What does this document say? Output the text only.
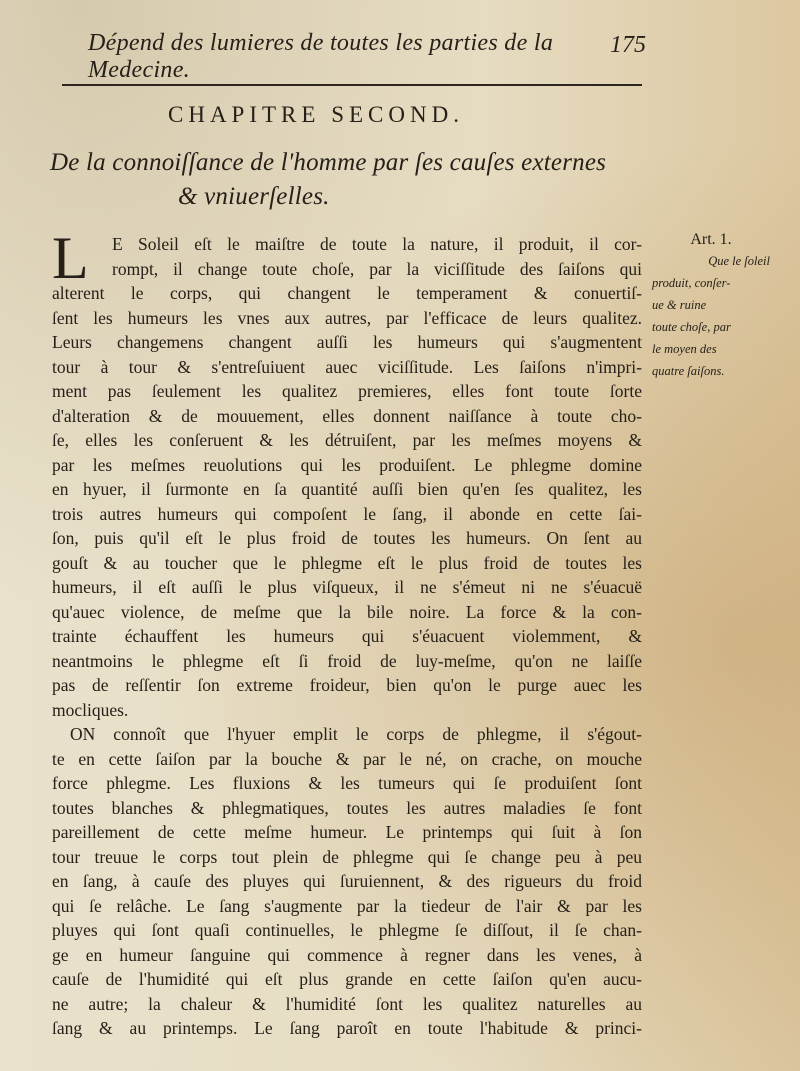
Dépend des lumieres de toutes les parties de la Medecine.
175
CHAPITRE SECOND.
De la connoiſſance de l'homme par ſes cauſes externes
& vniuerſelles.
L	E Soleil eſt le maiſtre de toute la nature, il produit, il cor-
rompt, il change toute choſe, par la viciſſitude des ſaiſons qui
alterent le corps, qui changent le temperament & conuertiſ-
ſent les humeurs les vnes aux autres, par l'efficace de leurs qualitez.
Leurs changemens changent auſſi les humeurs qui s'augmentent
tour à tour & s'entreſuiuent auec viciſſitude. Les ſaiſons n'impri-
ment pas ſeulement les qualitez premieres, elles font toute ſorte
d'alteration & de mouuement, elles donnent naiſſance à toute cho-
ſe, elles les conſeruent & les détruiſent, par les meſmes moyens &
par les meſmes reuolutions qui les produiſent. Le phlegme domine
en hyuer, il ſurmonte en ſa quantité auſſi bien qu'en ſes qualitez, les
trois autres humeurs qui compoſent le ſang, il abonde en cette ſai-
ſon, puis qu'il eſt le plus froid de toutes les humeurs. On ſent au
gouſt & au toucher que le phlegme eſt le plus froid de toutes les
humeurs, il eſt auſſi le plus viſqueux, il ne s'émeut ni ne s'éuacuë
qu'auec violence, de meſme que la bile noire. La force & la con-
trainte échauffent les humeurs qui s'éuacuent violemment, &
neantmoins le phlegme eſt ſi froid de luy-meſme, qu'on ne laiſſe
pas de reſſentir ſon extreme froideur, bien qu'on le purge auec les
mocliques.
ON connoît que l'hyuer emplit le corps de phlegme, il s'égout-
te en cette ſaiſon par la bouche & par le né, on crache, on mouche
force phlegme. Les fluxions & les tumeurs qui ſe produiſent ſont
toutes blanches & phlegmatiques, toutes les autres maladies ſe font
pareillement de cette meſme humeur. Le printemps qui ſuit à ſon
tour treuue le corps tout plein de phlegme qui ſe change peu à peu
en ſang, à cauſe des pluyes qui ſuruiennent, & des rigueurs du froid
qui ſe relâche. Le ſang s'augmente par la tiedeur de l'air & par les
pluyes qui ſont quaſi continuelles, le phlegme ſe diſſout, il ſe chan-
ge en humeur ſanguine qui commence à regner dans les venes, à
cauſe de l'humidité qui eſt plus grande en cette ſaiſon qu'en aucu-
ne autre; la chaleur & l'humidité ſont les qualitez naturelles au
ſang & au printemps. Le ſang paroît en toute l'habitude & princi-
Art. 1.
Que le ſoleil
produit, conſer-
ue & ruine
toute choſe, par
le moyen des
quatre ſaiſons.
